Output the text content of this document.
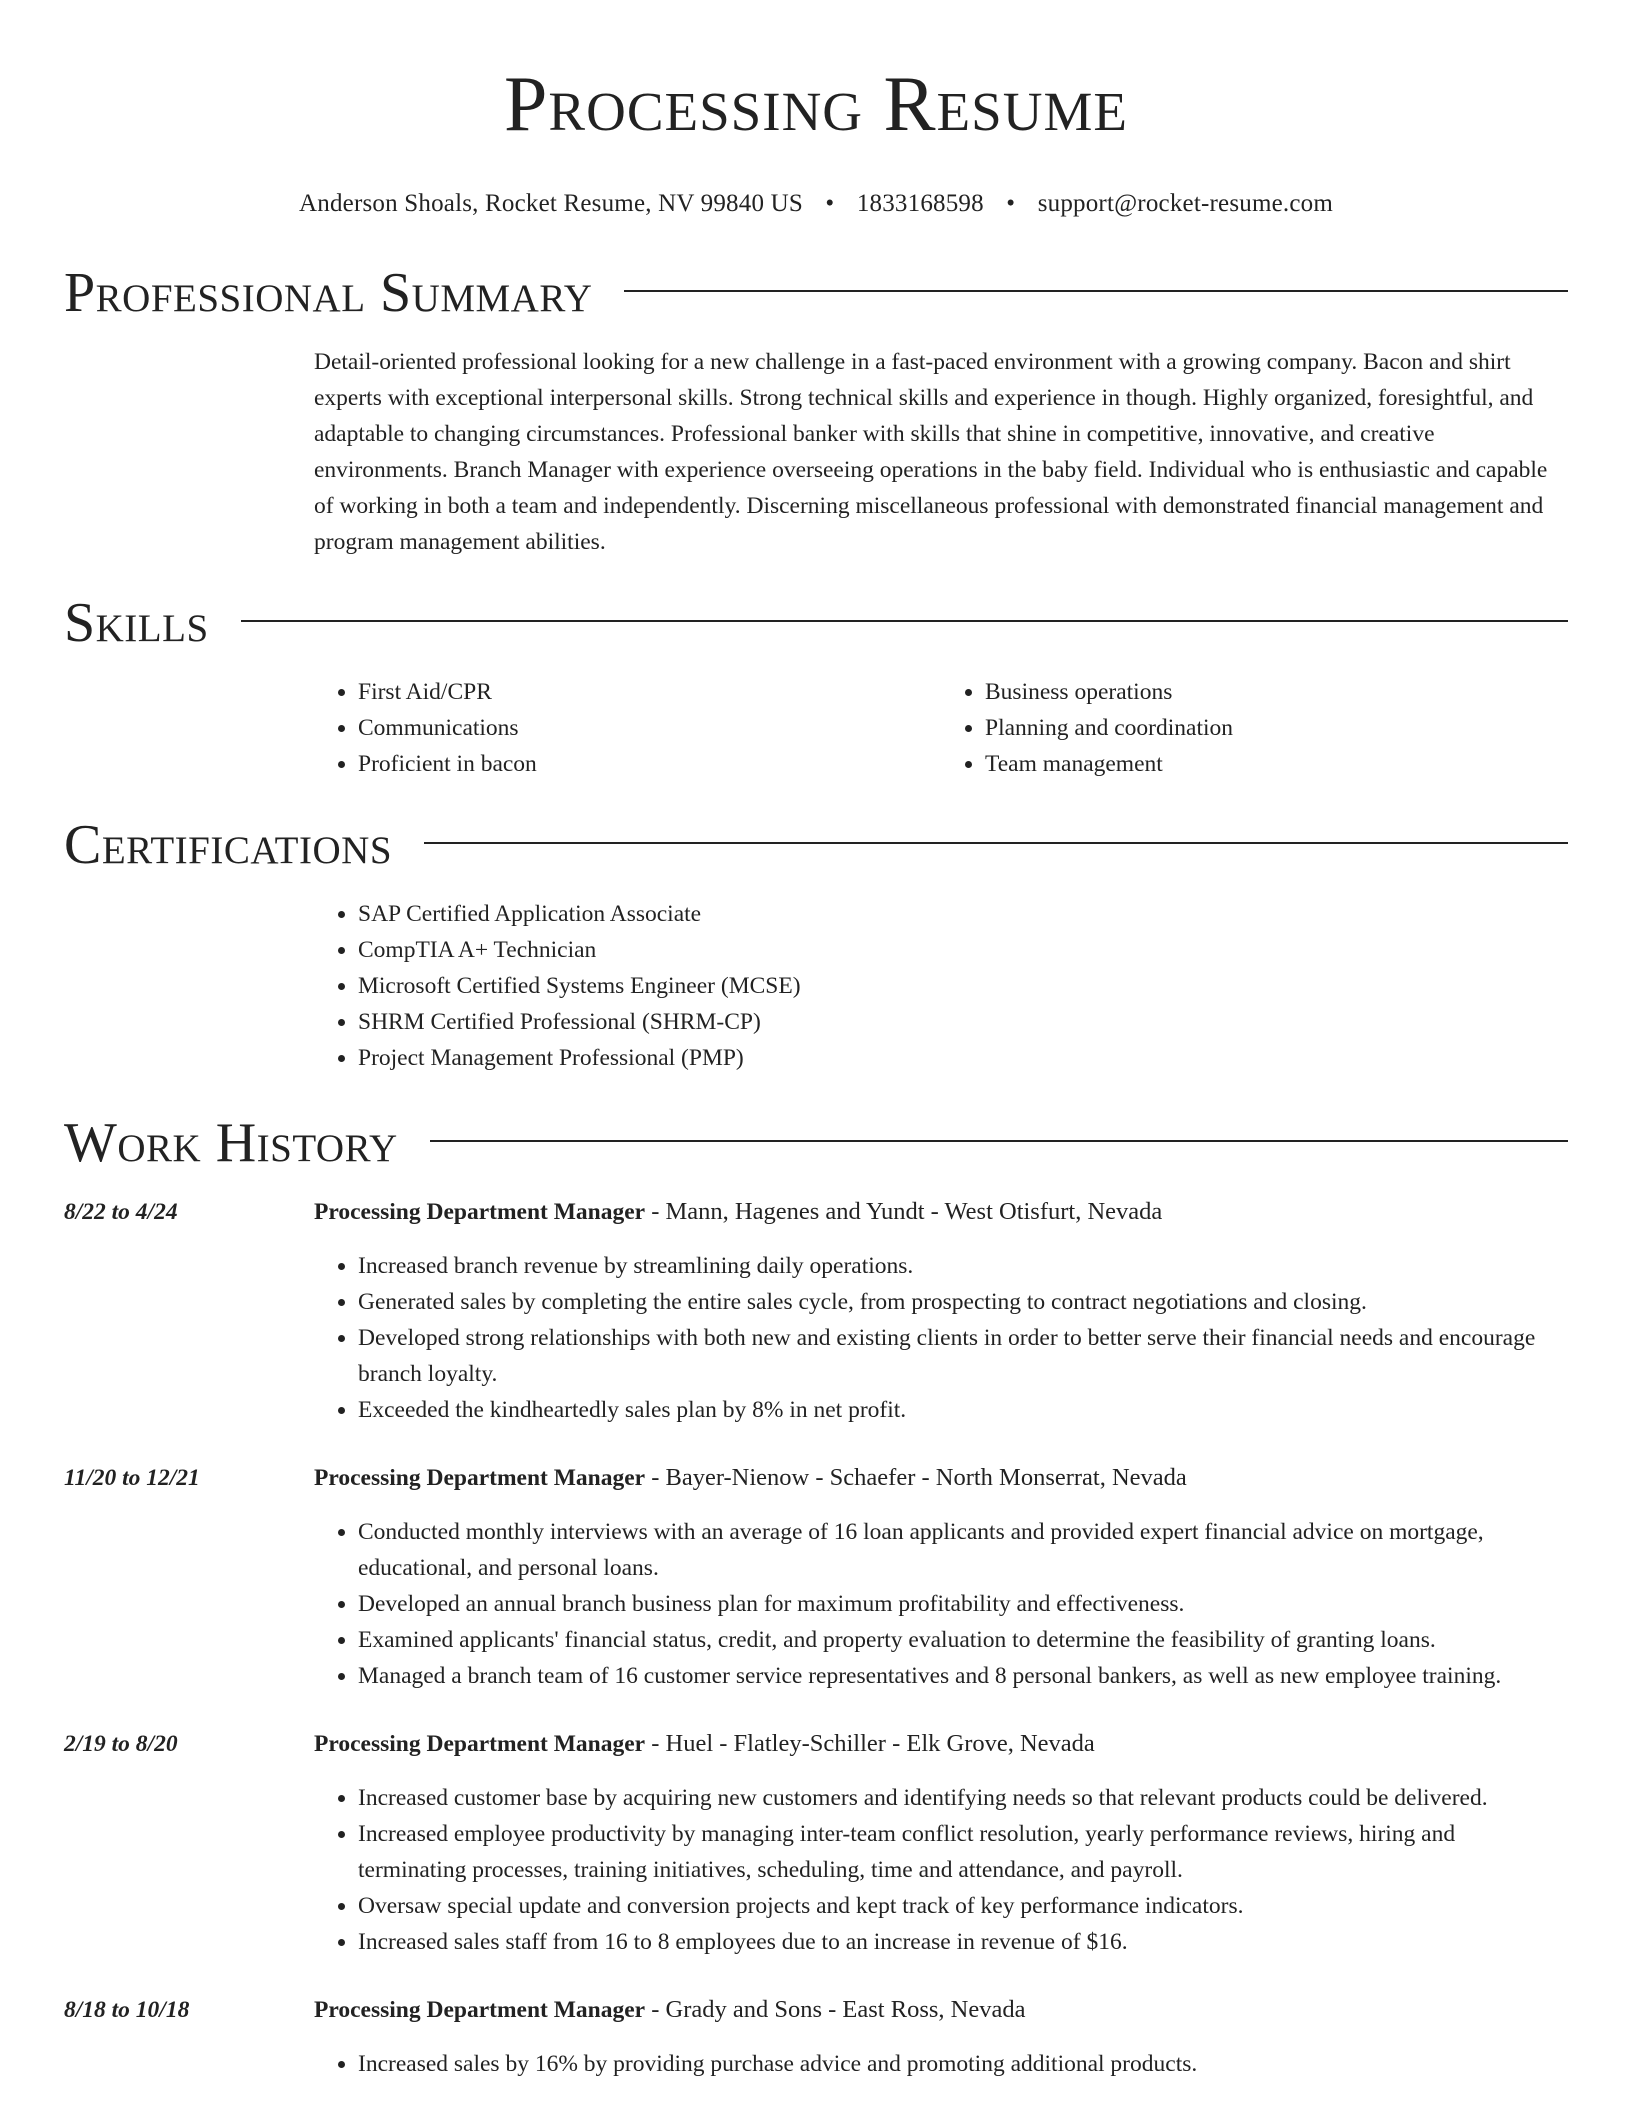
Processing Resume
Anderson Shoals, Rocket Resume, NV 99840 US • 1833168598 • support@rocket-resume.com
Professional Summary
Detail-oriented professional looking for a new challenge in a fast-paced environment with a growing company. Bacon and shirt experts with exceptional interpersonal skills. Strong technical skills and experience in though. Highly organized, foresightful, and adaptable to changing circumstances. Professional banker with skills that shine in competitive, innovative, and creative environments. Branch Manager with experience overseeing operations in the baby field. Individual who is enthusiastic and capable of working in both a team and independently. Discerning miscellaneous professional with demonstrated financial management and program management abilities.
Skills
• First Aid/CPR
• Communications
• Proficient in bacon
• Business operations
• Planning and coordination
• Team management
Certifications
• SAP Certified Application Associate
• CompTIA A+ Technician
• Microsoft Certified Systems Engineer (MCSE)
• SHRM Certified Professional (SHRM-CP)
• Project Management Professional (PMP)
Work History
8/22 to 4/24	Processing Department Manager - Mann, Hagenes and Yundt - West Otisfurt, Nevada
• Increased branch revenue by streamlining daily operations.
• Generated sales by completing the entire sales cycle, from prospecting to contract negotiations and closing.
• Developed strong relationships with both new and existing clients in order to better serve their financial needs and encourage branch loyalty.
• Exceeded the kindheartedly sales plan by 8% in net profit.
11/20 to 12/21	Processing Department Manager - Bayer-Nienow - Schaefer - North Monserrat, Nevada
• Conducted monthly interviews with an average of 16 loan applicants and provided expert financial advice on mortgage, educational, and personal loans.
• Developed an annual branch business plan for maximum profitability and effectiveness.
• Examined applicants' financial status, credit, and property evaluation to determine the feasibility of granting loans.
• Managed a branch team of 16 customer service representatives and 8 personal bankers, as well as new employee training.
2/19 to 8/20	Processing Department Manager - Huel - Flatley-Schiller - Elk Grove, Nevada
• Increased customer base by acquiring new customers and identifying needs so that relevant products could be delivered.
• Increased employee productivity by managing inter-team conflict resolution, yearly performance reviews, hiring and terminating processes, training initiatives, scheduling, time and attendance, and payroll.
• Oversaw special update and conversion projects and kept track of key performance indicators.
• Increased sales staff from 16 to 8 employees due to an increase in revenue of $16.
8/18 to 10/18	Processing Department Manager - Grady and Sons - East Ross, Nevada
• Increased sales by 16% by providing purchase advice and promoting additional products.
